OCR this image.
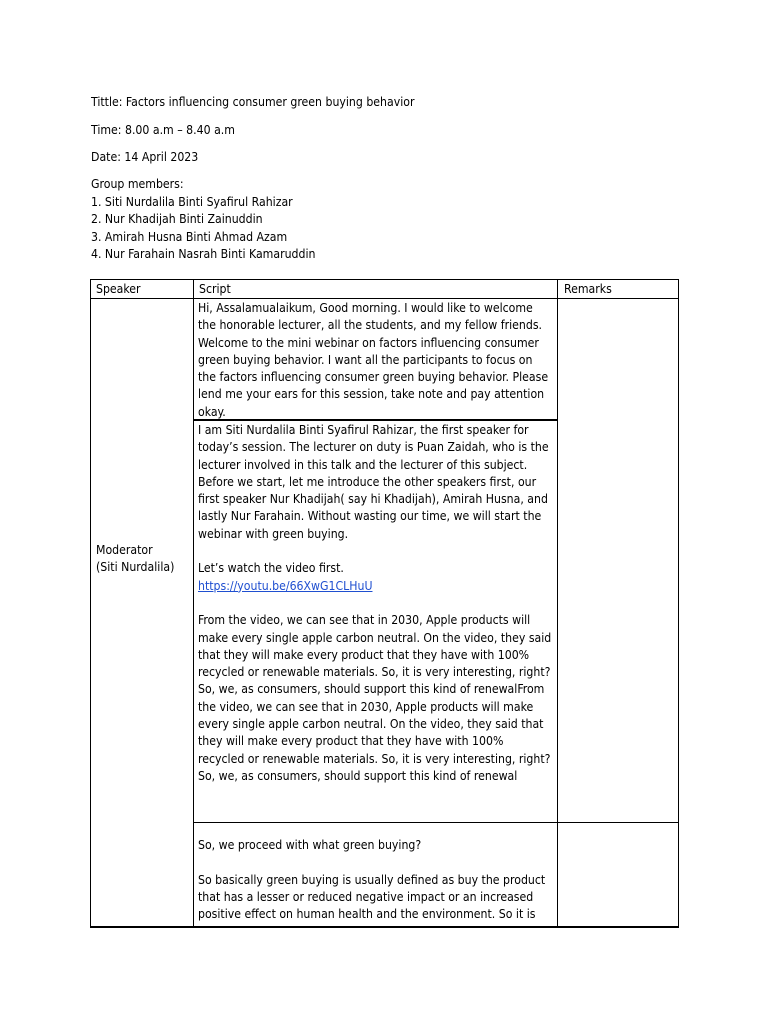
Tittle: Factors influencing consumer green buying behavior
Time: 8.00 a.m – 8.40 a.m
Date: 14 April 2023
Group members:
1. Siti Nurdalila Binti Syafirul Rahizar
2. Nur Khadijah Binti Zainuddin
3. Amirah Husna Binti Ahmad Azam
4. Nur Farahain Nasrah Binti Kamaruddin
Speaker	Script	Remarks

Moderator

(Siti Nurdalila)

Hi, Assalamualaikum, Good morning. I would like to welcome the honorable lecturer, all the students, and my fellow friends. Welcome to the mini webinar on factors influencing consumer green buying behavior. I want all the participants to focus on the factors influencing consumer green buying behavior. Please lend me your ears for this session, take note and pay attention okay.

I am Siti Nurdalila Binti Syafirul Rahizar, the first speaker for today’s session. The lecturer on duty is Puan Zaidah, who is the lecturer involved in this talk and the lecturer of this subject. Before we start, let me introduce the other speakers first, our first speaker Nur Khadijah( say hi Khadijah), Amirah Husna, and lastly Nur Farahain. Without wasting our time, we will start the webinar with green buying.

Let’s watch the video first.

https://youtu.be/66XwG1CLHuU

From the video, we can see that in 2030, Apple products will make every single apple carbon neutral. On the video, they said that they will make every product that they have with 100% recycled or renewable materials. So, it is very interesting, right? So, we, as consumers, should support this kind of renewalFrom the video, we can see that in 2030, Apple products will make every single apple carbon neutral. On the video, they said that they will make every product that they have with 100% recycled or renewable materials. So, it is very interesting, right? So, we, as consumers, should support this kind of renewal

So, we proceed with what green buying?

So basically green buying is usually defined as buy the product that has a lesser or reduced negative impact or an increased positive effect on human health and the environment. So it is
